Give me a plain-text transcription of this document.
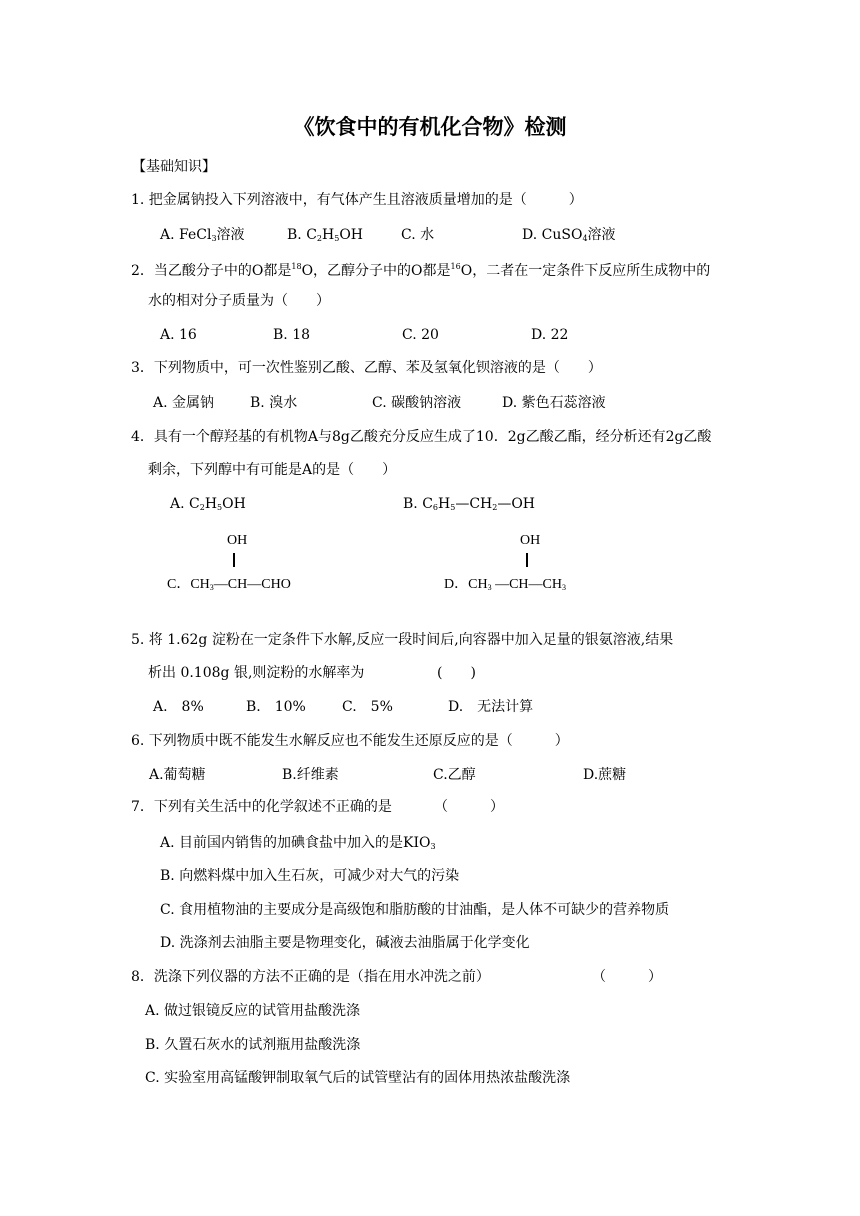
《饮食中的有机化合物》检测
【基础知识】
1. 把金属钠投入下列溶液中，有气体产生且溶液质量增加的是（　　　）
A. FeCl$_3$溶液	B. $C_2H_5OH$	C. 水	D. CuSO$_4$溶液
2．当乙酸分子中的O都是$^{18}$O，乙醇分子中的O都是$^{16}$O，二者在一定条件下反应所生成物中的
水的相对分子质量为（　　）
A. 16	B. 18	C. 20	D. 22
3．下列物质中，可一次性鉴别乙酸、乙醇、苯及氢氧化钡溶液的是（　　）
A. 金属钠	B. 溴水	C. 碳酸钠溶液	D. 紫色石蕊溶液
4．具有一个醇羟基的有机物A与8g乙酸充分反应生成了10．2g乙酸乙酯，经分析还有2g乙酸
剩余，下列醇中有可能是A的是（　　）
A. $C_2H_5OH$	B. $C_6H_5—CH_2—OH$
OH
C．$CH_3—CH—CHO$
OH
D．$CH_3$ $—CH—CH_3$
5. 将 1.62g 淀粉在一定条件下水解,反应一段时间后,向容器中加入足量的银氨溶液,结果
析出 0.108g 银,则淀粉的水解率为	(　　)
A.　8%	B.　10%	C.　5%	D.　无法计算
6. 下列物质中既不能发生水解反应也不能发生还原反应的是（　　　）
A.葡萄糖	B.纤维素	C.乙醇	D.蔗糖
7．下列有关生活中的化学叙述不正确的是	（　　　）
A. 目前国内销售的加碘食盐中加入的是$KIO_3$
B. 向燃料煤中加入生石灰，可减少对大气的污染
C. 食用植物油的主要成分是高级饱和脂肪酸的甘油酯，是人体不可缺少的营养物质
D. 洗涤剂去油脂主要是物理变化，碱液去油脂属于化学变化
8．洗涤下列仪器的方法不正确的是（指在用水冲洗之前）	（　　　）
A. 做过银镜反应的试管用盐酸洗涤
B. 久置石灰水的试剂瓶用盐酸洗涤
C. 实验室用高锰酸钾制取氧气后的试管壁沾有的固体用热浓盐酸洗涤
